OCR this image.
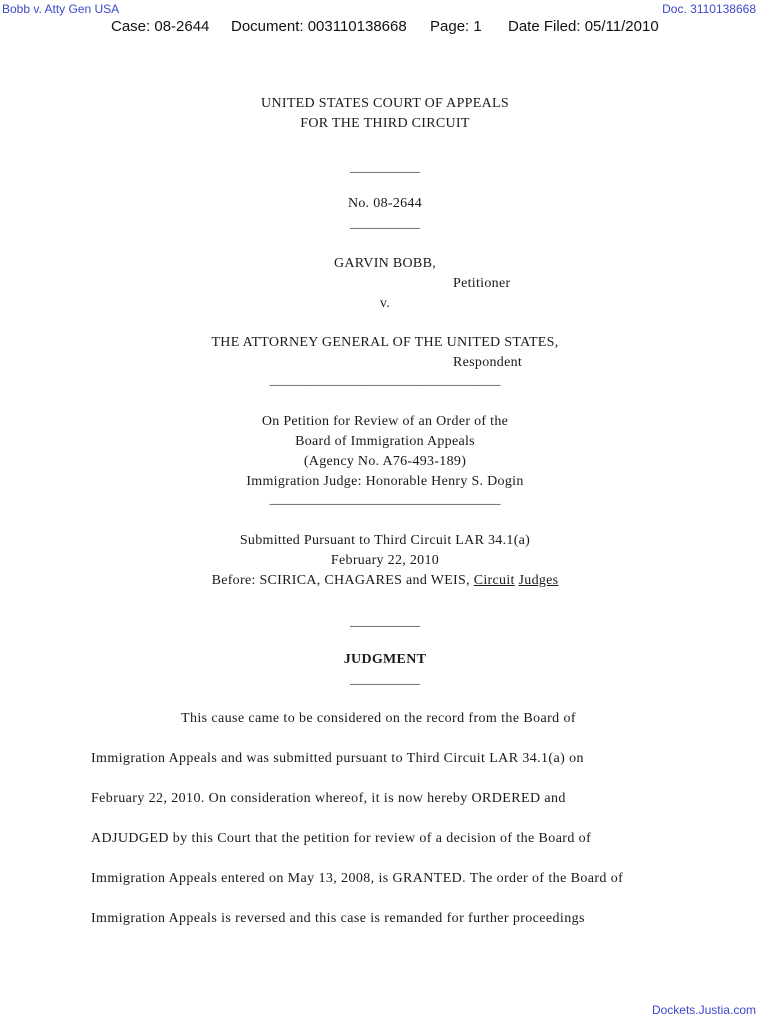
Bobb v. Atty Gen USA	Doc. 3110138668
Case: 08-2644 Document: 003110138668 Page: 1 Date Filed: 05/11/2010
UNITED STATES COURT OF APPEALS
FOR THE THIRD CIRCUIT
__________
No. 08-2644
__________
GARVIN BOBB,
Petitioner
v.
THE ATTORNEY GENERAL OF THE UNITED STATES,
Respondent
_________________________________
On Petition for Review of an Order of the
Board of Immigration Appeals
(Agency No. A76-493-189)
Immigration Judge: Honorable Henry S. Dogin
_________________________________
Submitted Pursuant to Third Circuit LAR 34.1(a)
February 22, 2010
Before: SCIRICA, CHAGARES and WEIS, Circuit Judges
__________
JUDGMENT
__________
This cause came to be considered on the record from the Board of
Immigration Appeals and was submitted pursuant to Third Circuit LAR 34.1(a) on
February 22, 2010. On consideration whereof, it is now hereby ORDERED and
ADJUDGED by this Court that the petition for review of a decision of the Board of
Immigration Appeals entered on May 13, 2008, is GRANTED. The order of the Board of
Immigration Appeals is reversed and this case is remanded for further proceedings
Dockets.Justia.com
